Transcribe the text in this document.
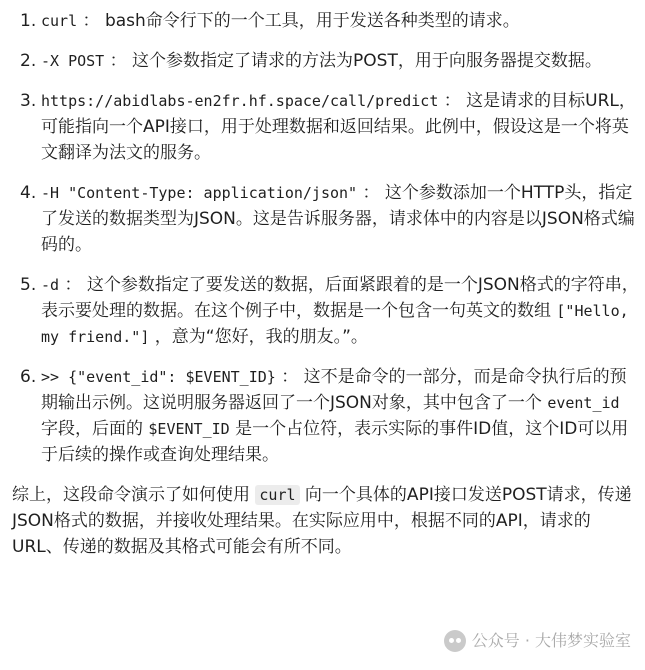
1. curl ： bash命令行下的一个工具，用于发送各种类型的请求。
2. -X POST ： 这个参数指定了请求的方法为POST，用于向服务器提交数据。
3. https://abidlabs-en2fr.hf.space/call/predict ： 这是请求的目标URL，可能指向一个API接口，用于处理数据和返回结果。此例中，假设这是一个将英文翻译为法文的服务。
4. -H "Content-Type: application/json" ： 这个参数添加一个HTTP头，指定了发送的数据类型为JSON。这是告诉服务器，请求体中的内容是以JSON格式编码的。
5. -d ： 这个参数指定了要发送的数据，后面紧跟着的是一个JSON格式的字符串，表示要处理的数据。在这个例子中，数据是一个包含一句英文的数组 ["Hello, my friend."] ，意为“您好，我的朋友。”。
6. >> {"event_id": $EVENT_ID} ： 这不是命令的一部分，而是命令执行后的预期输出示例。这说明服务器返回了一个JSON对象，其中包含了一个 event_id 字段，后面的 $EVENT_ID 是一个占位符，表示实际的事件ID值，这个ID可以用于后续的操作或查询处理结果。

综上，这段命令演示了如何使用 curl 向一个具体的API接口发送POST请求，传递JSON格式的数据，并接收处理结果。在实际应用中，根据不同的API，请求的URL、传递的数据及其格式可能会有所不同。

公众号 · 大伟梦实验室
